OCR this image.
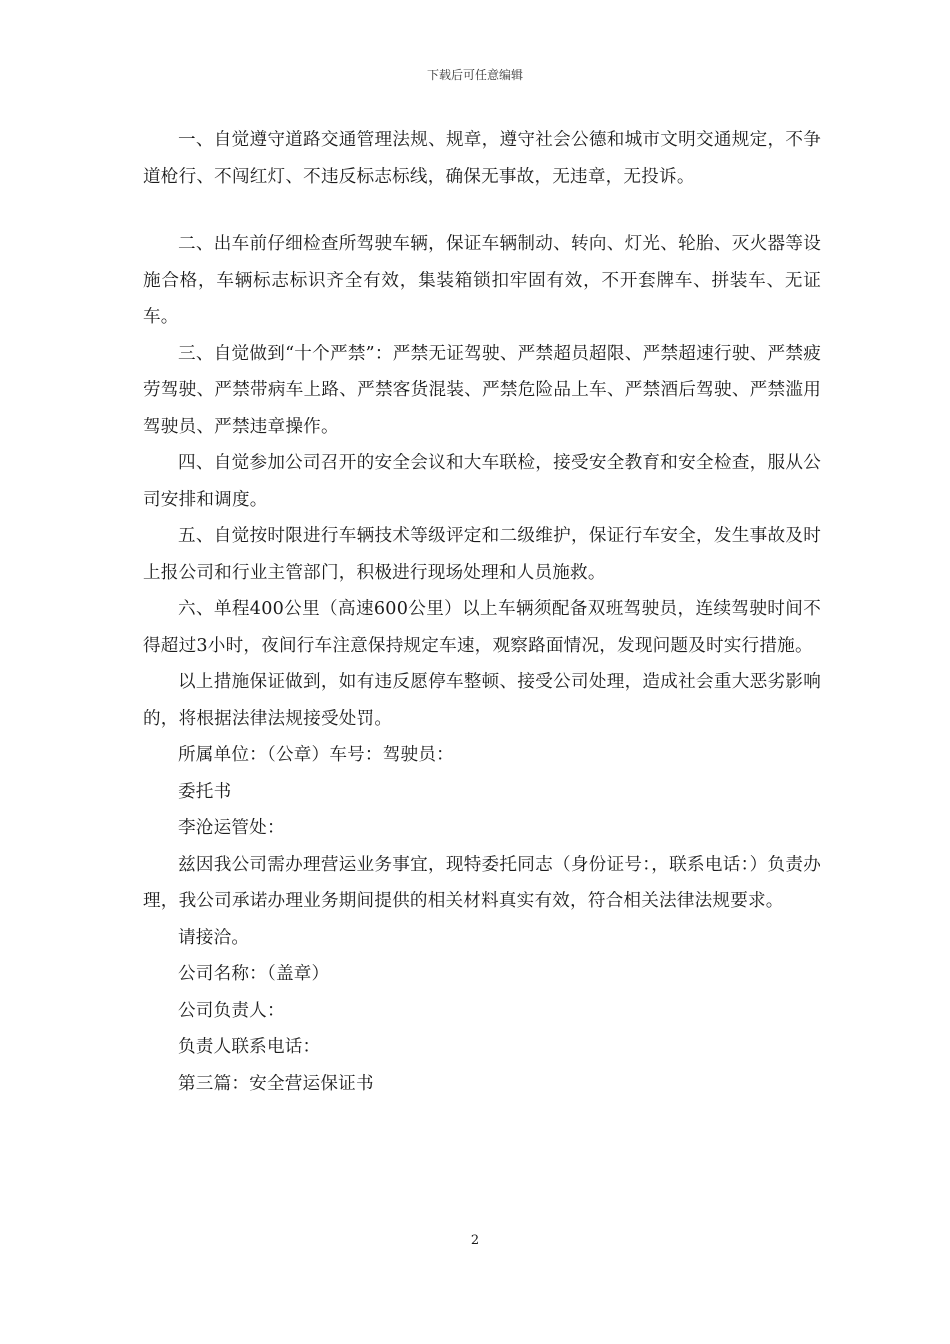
下载后可任意编辑

一、自觉遵守道路交通管理法规、规章，遵守社会公德和城市文明交通规定，不争道枪行、不闯红灯、不违反标志标线，确保无事故，无违章，无投诉。

二、出车前仔细检查所驾驶车辆，保证车辆制动、转向、灯光、轮胎、灭火器等设施合格，车辆标志标识齐全有效，集装箱锁扣牢固有效，不开套牌车、拼装车、无证车。

三、自觉做到“十个严禁”：严禁无证驾驶、严禁超员超限、严禁超速行驶、严禁疲劳驾驶、严禁带病车上路、严禁客货混装、严禁危险品上车、严禁酒后驾驶、严禁滥用驾驶员、严禁违章操作。

四、自觉参加公司召开的安全会议和大车联检，接受安全教育和安全检查，服从公司安排和调度。

五、自觉按时限进行车辆技术等级评定和二级维护，保证行车安全，发生事故及时上报公司和行业主管部门，积极进行现场处理和人员施救。

六、单程400公里（高速600公里）以上车辆须配备双班驾驶员，连续驾驶时间不得超过3小时，夜间行车注意保持规定车速，观察路面情况，发现问题及时实行措施。

以上措施保证做到，如有违反愿停车整顿、接受公司处理，造成社会重大恶劣影响的，将根据法律法规接受处罚。

所属单位：（公章）车号：驾驶员：

委托书

李沧运管处：

兹因我公司需办理营运业务事宜，现特委托同志（身份证号：，联系电话：）负责办理，我公司承诺办理业务期间提供的相关材料真实有效，符合相关法律法规要求。

请接洽。

公司名称：（盖章）

公司负责人：

负责人联系电话：

第三篇：安全营运保证书

2
